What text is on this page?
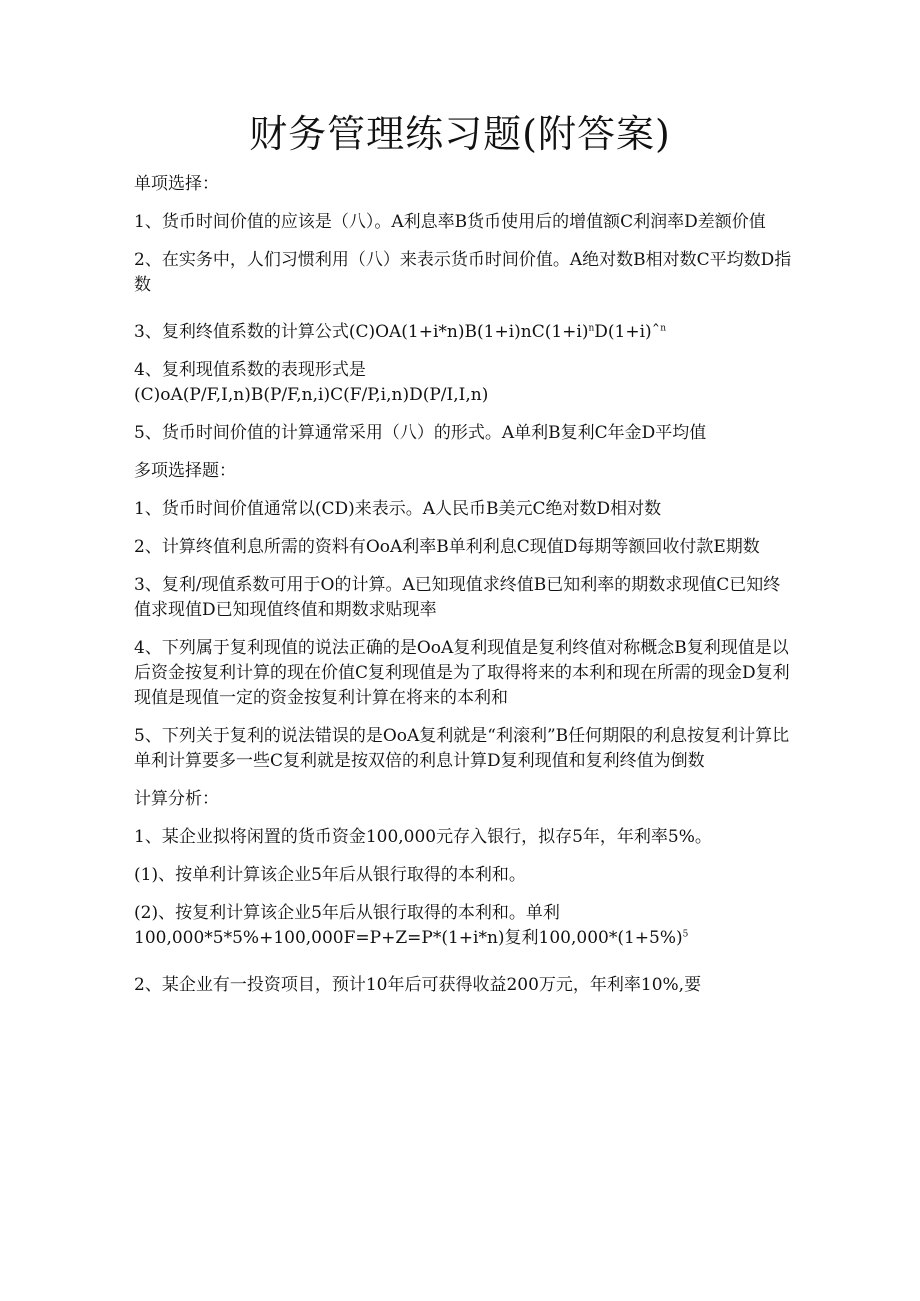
财务管理练习题(附答案)

单项选择：

1、货币时间价值的应该是（八）。A利息率B货币使用后的增值额C利润率D差额价值

2、在实务中，人们习惯利用（八）来表示货币时间价值。A绝对数B相对数C平均数D指数

3、复利终值系数的计算公式$(C)OA(1+i*n)B(1+i)nC(1+i)^nD(1+i)ˆ^n$

4、复利现值系数的表现形式是
(C)oA(P/F,I,n)B(P/F,n,i)C(F/P,i,n)D(P/I,I,n)

5、货币时间价值的计算通常采用（八）的形式。A单利B复利C年金D平均值

多项选择题：

1、货币时间价值通常以(CD)来表示。A人民币B美元C绝对数D相对数

2、计算终值利息所需的资料有OoA利率B单利利息C现值D每期等额回收付款E期数

3、复利/现值系数可用于O的计算。A已知现值求终值B已知利率的期数求现值C已知终值求现值D已知现值终值和期数求贴现率

4、下列属于复利现值的说法正确的是OoA复利现值是复利终值对称概念B复利现值是以后资金按复利计算的现在价值C复利现值是为了取得将来的本利和现在所需的现金D复利现值是现值一定的资金按复利计算在将来的本利和

5、下列关于复利的说法错误的是OoA复利就是“利滚利”B任何期限的利息按复利计算比单利计算要多一些C复利就是按双倍的利息计算D复利现值和复利终值为倒数

计算分析：

1、某企业拟将闲置的货币资金100,000元存入银行，拟存5年，年利率5%。

(1)、按单利计算该企业5年后从银行取得的本利和。

(2)、按复利计算该企业5年后从银行取得的本利和。单利
100,000*5*5%+100,000F=P+Z=P*(1+i*n)复利$100,000*(1+5\%)^5$

2、某企业有一投资项目，预计10年后可获得收益200万元，年利率10%,要
